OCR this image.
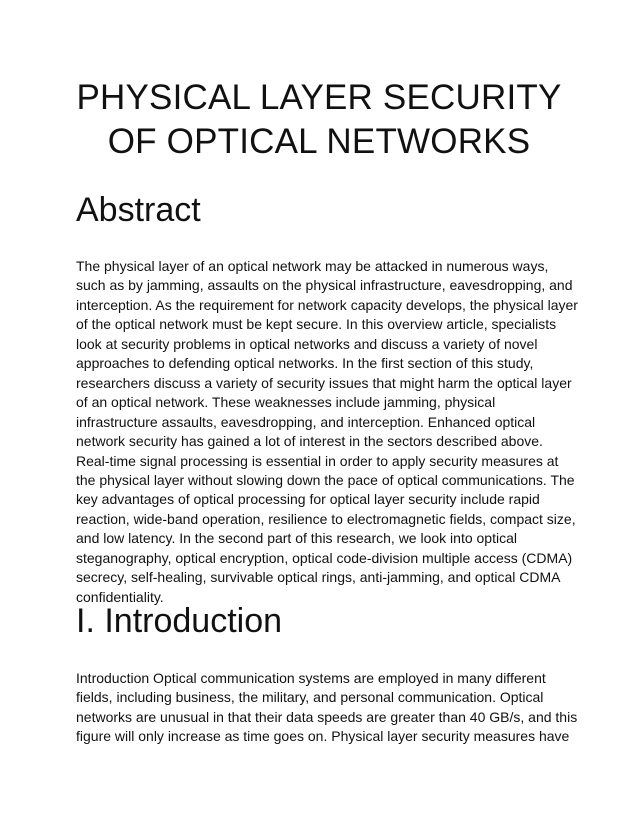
PHYSICAL LAYER SECURITY
OF OPTICAL NETWORKS
Abstract

The physical layer of an optical network may be attacked in numerous ways,
such as by jamming, assaults on the physical infrastructure, eavesdropping, and
interception. As the requirement for network capacity develops, the physical layer
of the optical network must be kept secure. In this overview article, specialists
look at security problems in optical networks and discuss a variety of novel
approaches to defending optical networks. In the first section of this study,
researchers discuss a variety of security issues that might harm the optical layer
of an optical network. These weaknesses include jamming, physical
infrastructure assaults, eavesdropping, and interception. Enhanced optical
network security has gained a lot of interest in the sectors described above.
Real-time signal processing is essential in order to apply security measures at
the physical layer without slowing down the pace of optical communications. The
key advantages of optical processing for optical layer security include rapid
reaction, wide-band operation, resilience to electromagnetic fields, compact size,
and low latency. In the second part of this research, we look into optical
steganography, optical encryption, optical code-division multiple access (CDMA)
secrecy, self-healing, survivable optical rings, anti-jamming, and optical CDMA
confidentiality.

I. Introduction

Introduction Optical communication systems are employed in many different
fields, including business, the military, and personal communication. Optical
networks are unusual in that their data speeds are greater than 40 GB/s, and this
figure will only increase as time goes on. Physical layer security measures have
